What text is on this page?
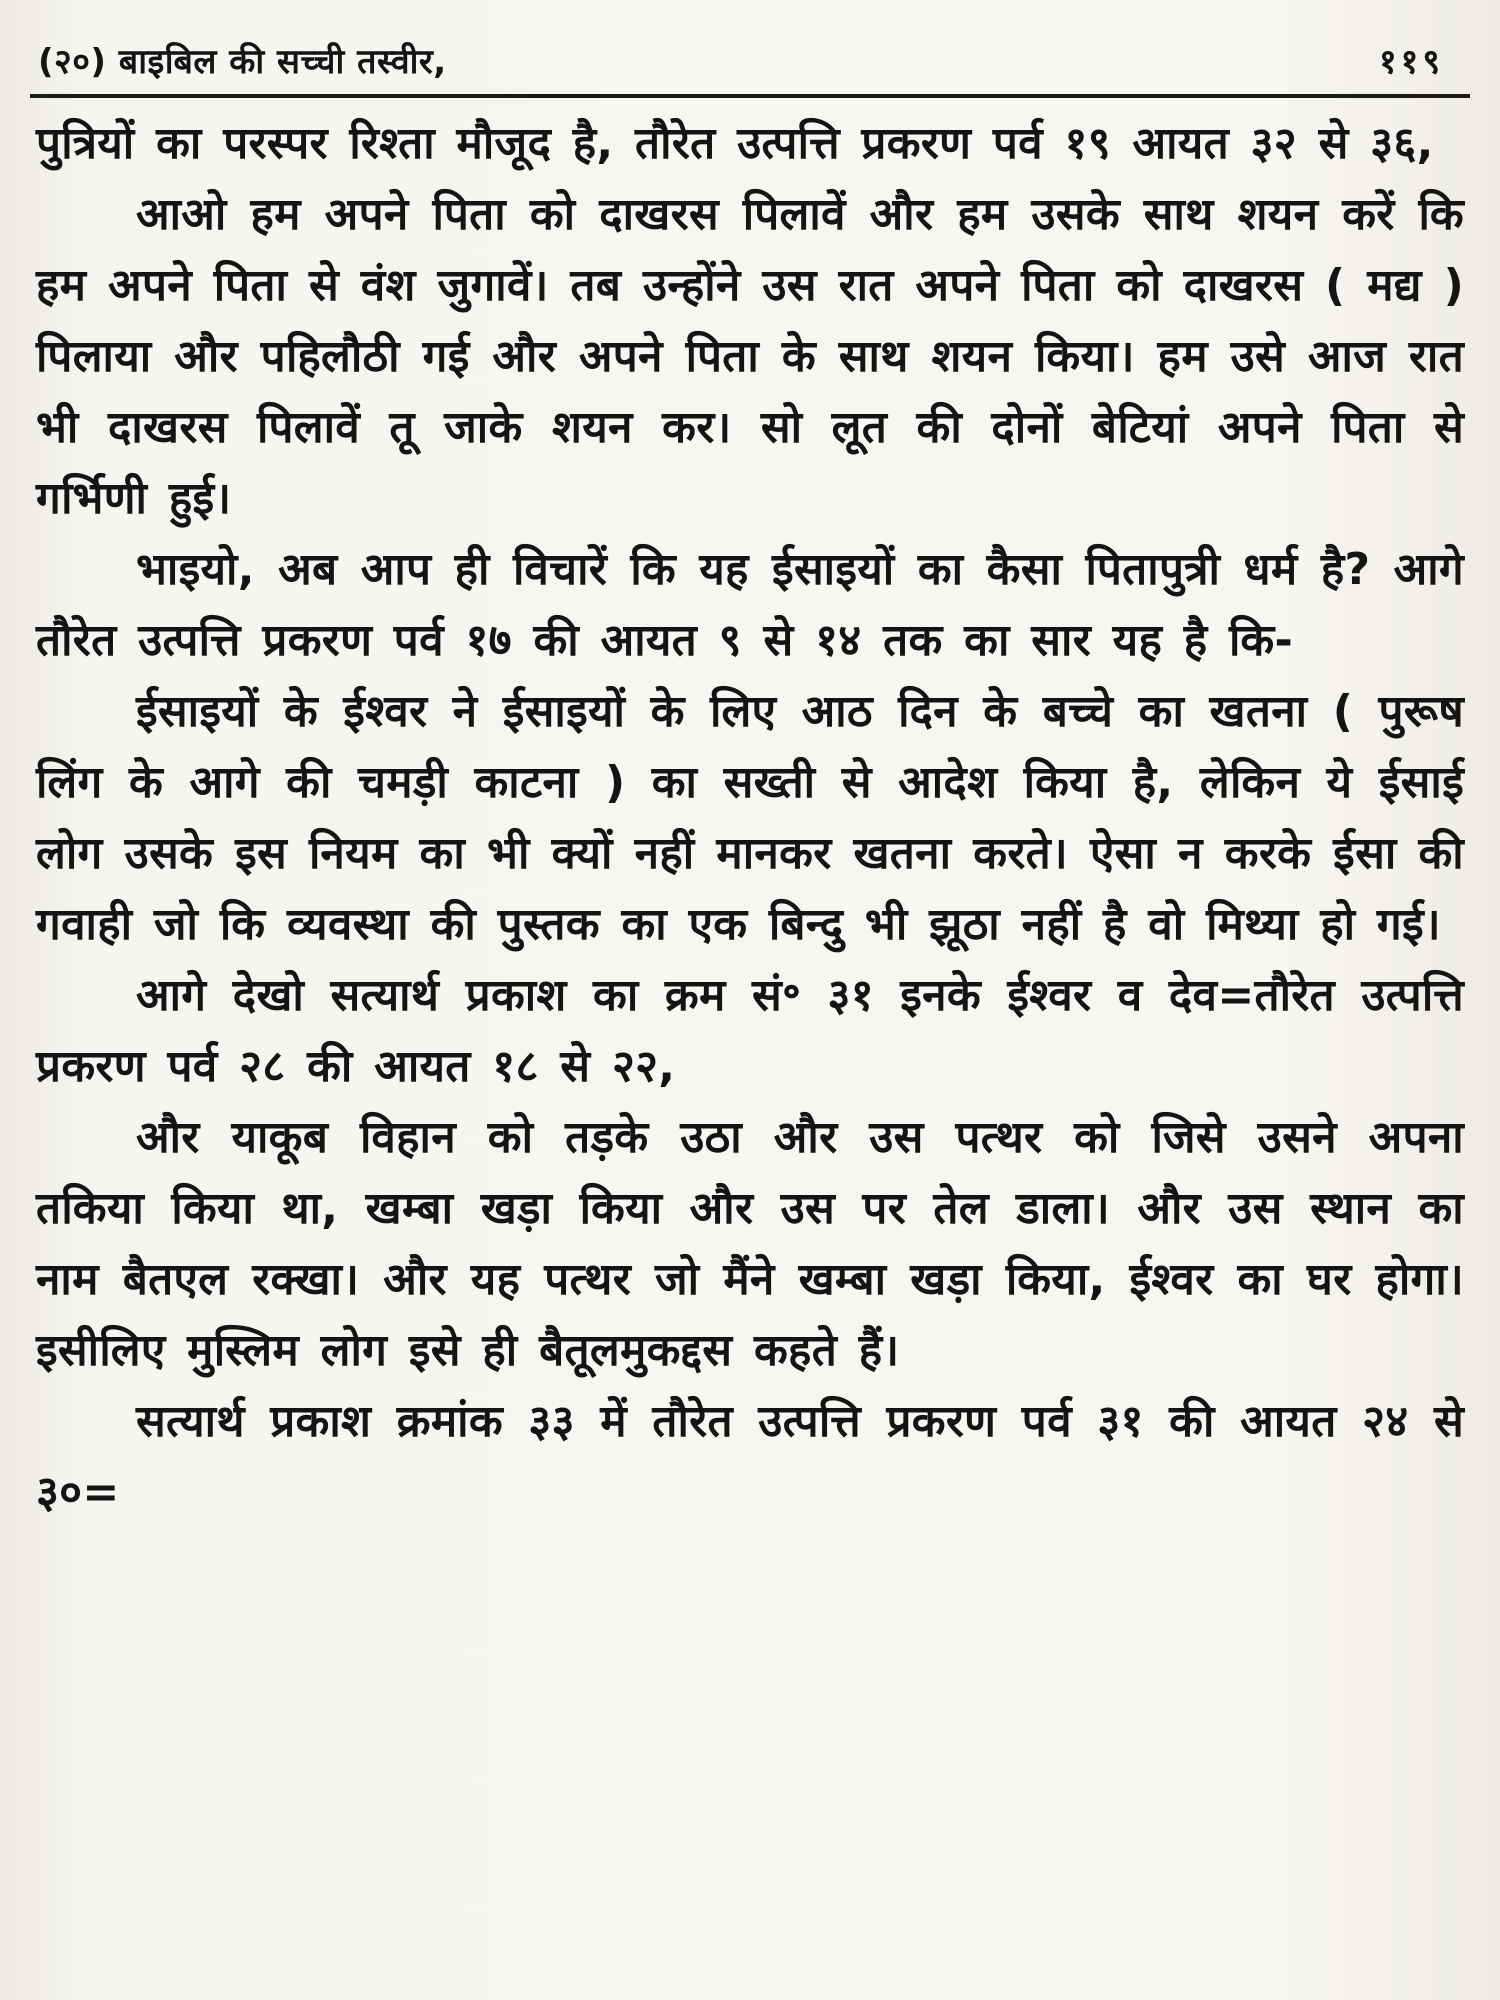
(२०) बाइबिल की सच्ची तस्वीर,	११९

पुत्रियों का परस्पर रिश्ता मौजूद है, तौरेत उत्पत्ति प्रकरण पर्व १९ आयत ३२ से ३६,

आओ हम अपने पिता को दाखरस पिलावें और हम उसके साथ शयन करें कि हम अपने पिता से वंश जुगावें। तब उन्होंने उस रात अपने पिता को दाखरस ( मद्य ) पिलाया और पहिलौठी गई और अपने पिता के साथ शयन किया। हम उसे आज रात भी दाखरस पिलावें तू जाके शयन कर। सो लूत की दोनों बेटियां अपने पिता से गर्भिणी हुई।

भाइयो, अब आप ही विचारें कि यह ईसाइयों का कैसा पितापुत्री धर्म है? आगे तौरेत उत्पत्ति प्रकरण पर्व १७ की आयत ९ से १४ तक का सार यह है कि-

ईसाइयों के ईश्वर ने ईसाइयों के लिए आठ दिन के बच्चे का खतना ( पुरूष लिंग के आगे की चमड़ी काटना ) का सख्ती से आदेश किया है, लेकिन ये ईसाई लोग उसके इस नियम का भी क्यों नहीं मानकर खतना करते। ऐसा न करके ईसा की गवाही जो कि व्यवस्था की पुस्तक का एक बिन्दु भी झूठा नहीं है वो मिथ्या हो गई।

आगे देखो सत्यार्थ प्रकाश का क्रम सं॰ ३१ इनके ईश्वर व देव=तौरेत उत्पत्ति प्रकरण पर्व २८ की आयत १८ से २२,

और याकूब विहान को तड़के उठा और उस पत्थर को जिसे उसने अपना तकिया किया था, खम्बा खड़ा किया और उस पर तेल डाला। और उस स्थान का नाम बैतएल रक्खा। और यह पत्थर जो मैंने खम्बा खड़ा किया, ईश्वर का घर होगा। इसीलिए मुस्लिम लोग इसे ही बैतूलमुकद्दस कहते हैं।

सत्यार्थ प्रकाश क्रमांक ३३ में तौरेत उत्पत्ति प्रकरण पर्व ३१ की आयत २४ से ३०=
